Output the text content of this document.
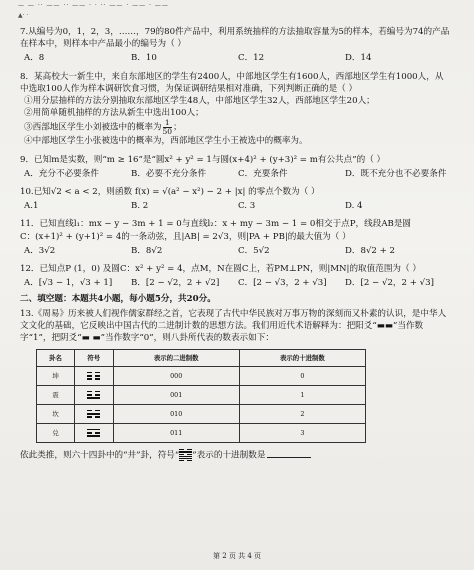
— — ·· —— ·· —— · · ·· —— · —— · ——
▲· ·

7.从编号为0，1，2，3，……，79的80件产品中，利用系统抽样的方法抽取容量为5的样本，若编号为74的产品在样本中，则样本中产品最小的编号为（ ）

A．8	B．10	C．12	D．14

8．某高校大一新生中，来自东部地区的学生有2400人，中部地区学生有1600人，西部地区学生有1000人，从中选取100人作为样本调研饮食习惯，为保证调研结果相对准确，下列判断正确的是（ ）

①用分层抽样的方法分别抽取东部地区学生48人，中部地区学生32人，西部地区学生20人；

②用简单随机抽样的方法从新生中选出100人；

③西部地区学生小刘被选中的概率为 $\frac{1}{50}$ ；

④中部地区学生小张被选中的概率为，西部地区学生小王被选中的概率为。

9．已知m是实数，则“m ≥ 16”是“圆x² + y² = 1与圆(x+4)² + (y+3)² = m有公共点”的（ ）

A．充分不必要条件	B．必要不充分条件	C．充要条件	D．既不充分也不必要条件

10.已知√2 < a < 2，则函数 f(x) = √(a² − x²) − 2 + |x| 的零点个数为（ ）

A.1	B. 2	C. 3	D. 4

11．已知直线l₁：mx − y − 3m + 1 = 0与直线l₂：x + my − 3m − 1 = 0相交于点P，线段AB是圆

C：(x+1)² + (y+1)² = 4的一条动弦，且|AB| = 2√3，则|PA + PB|的最大值为（ ）

A．3√2	B．8√2	C．5√2	D．8√2 + 2

12．已知点P (1，0) 及圆C：x² + y² = 4，点M，N在圆C上，若PM⊥PN，则|MN|的取值范围为（ ）

A．[√3 − 1，√3 + 1]	B．[2 − √2，2 + √2]	C．[2 − √3，2 + √3]	D．[2 − √2，2 + √3]

二、填空题：本题共4小题，每小题5分，共20分。

13.《周易》历来被人们视作儒家群经之首，它表现了古代中华民族对万事万物的深刻而又朴素的认识，是中华人文文化的基础，它反映出中国古代的二进制计数的思想方法。我们用近代术语解释为：把阳爻“▬▬”当作数字“1”，把阴爻“▬ ▬”当作数字“0”，则八卦所代表的数表示如下：

卦名	符号	表示的二进制数	表示的十进制数
坤		000	0
震		001	1
坎		010	2
兑		011	3

依此类推，则六十四卦中的“井”卦，符号“ ”表示的十进制数是

第 2 页 共 4 页
